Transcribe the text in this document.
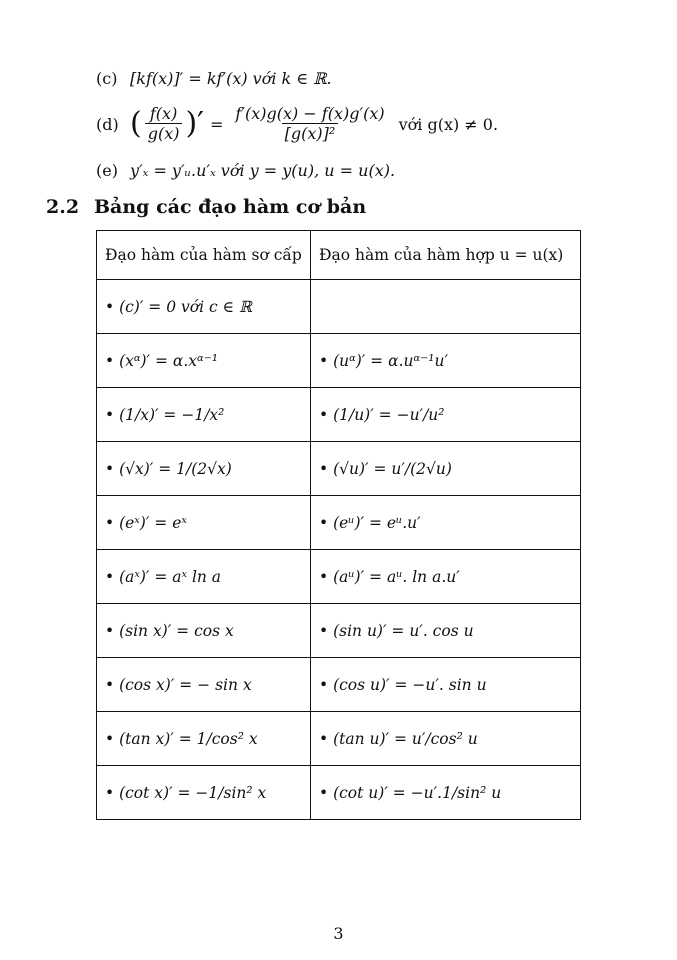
(c) [kf(x)]′ = kf′(x) với k ∈ ℝ.
(d) ( $\frac{f(x)}{g(x)}$ )′ = $\frac{f'(x)g(x) - f(x)g'(x)}{\text{[g(x)]²}}$ với g(x) ≠ 0.
(e) y′ₓ = y′ᵤ.u′ₓ với y = y(u), u = u(x).
2.2 Bảng các đạo hàm cơ bản
Đạo hàm của hàm sơ cấp	Đạo hàm của hàm hợp u = u(x)
• (c)′ = 0 với c ∈ ℝ	
• (xᵅ)′ = α.xᵅ⁻¹	• (uᵅ)′ = α.uᵅ⁻¹u′
• (1/x)′ = −1/x²	• (1/u)′ = −u′/u²
• (√x)′ = 1/(2√x)	• (√u)′ = u′/(2√u)
• (eˣ)′ = eˣ	• (eᵘ)′ = eᵘ.u′
• (aˣ)′ = aˣ ln a	• (aᵘ)′ = aᵘ. ln a.u′
• (sin x)′ = cos x	• (sin u)′ = u′. cos u
• (cos x)′ = − sin x	• (cos u)′ = −u′. sin u
• (tan x)′ = 1/cos² x	• (tan u)′ = u′/cos² u
• (cot x)′ = −1/sin² x	• (cot u)′ = −u′.1/sin² u
3
